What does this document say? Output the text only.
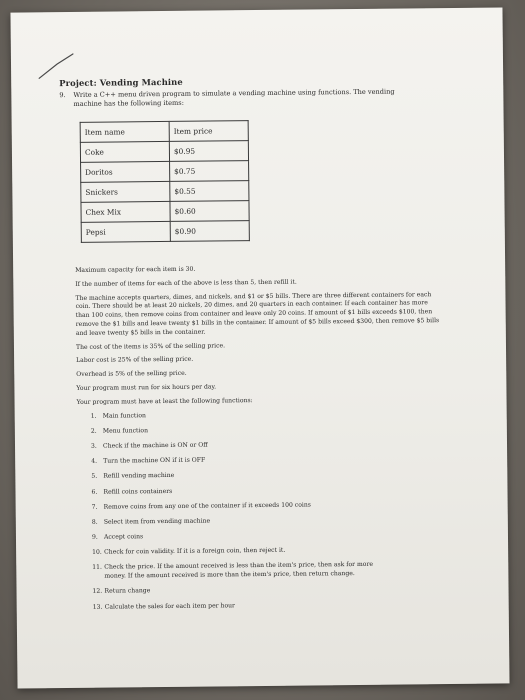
Project: Vending Machine
9. Write a C++ menu driven program to simulate a vending machine using functions. The vending
machine has the following items:
Item name	Item price
Coke	$0.95
Doritos	$0.75
Snickers	$0.55
Chex Mix	$0.60
Pepsi	$0.90

Maximum capacity for each item is 30.

If the number of items for each of the above is less than 5, then refill it.

The machine accepts quarters, dimes, and nickels, and $1 or $5 bills. There are three different containers for each coin. There should be at least 20 nickels, 20 dimes, and 20 quarters in each container. If each container has more than 100 coins, then remove coins from container and leave only 20 coins. If amount of $1 bills exceeds $100, then remove the $1 bills and leave twenty $1 bills in the container. If amount of $5 bills exceed $300, then remove $5 bills and leave twenty $5 bills in the container.

The cost of the items is 35% of the selling price.

Labor cost is 25% of the selling price.

Overhead is 5% of the selling price.

Your program must run for six hours per day.

Your program must have at least the following functions:

1. Main function
2. Menu function
3. Check if the machine is ON or Off
4. Turn the machine ON if it is OFF
5. Refill vending machine
6. Refill coins containers
7. Remove coins from any one of the container if it exceeds 100 coins
8. Select item from vending machine
9. Accept coins
10. Check for coin validity. If it is a foreign coin, then reject it.
11. Check the price. If the amount received is less than the item's price, then ask for more
money. If the amount received is more than the item's price, then return change.
12. Return change
13. Calculate the sales for each item per hour
